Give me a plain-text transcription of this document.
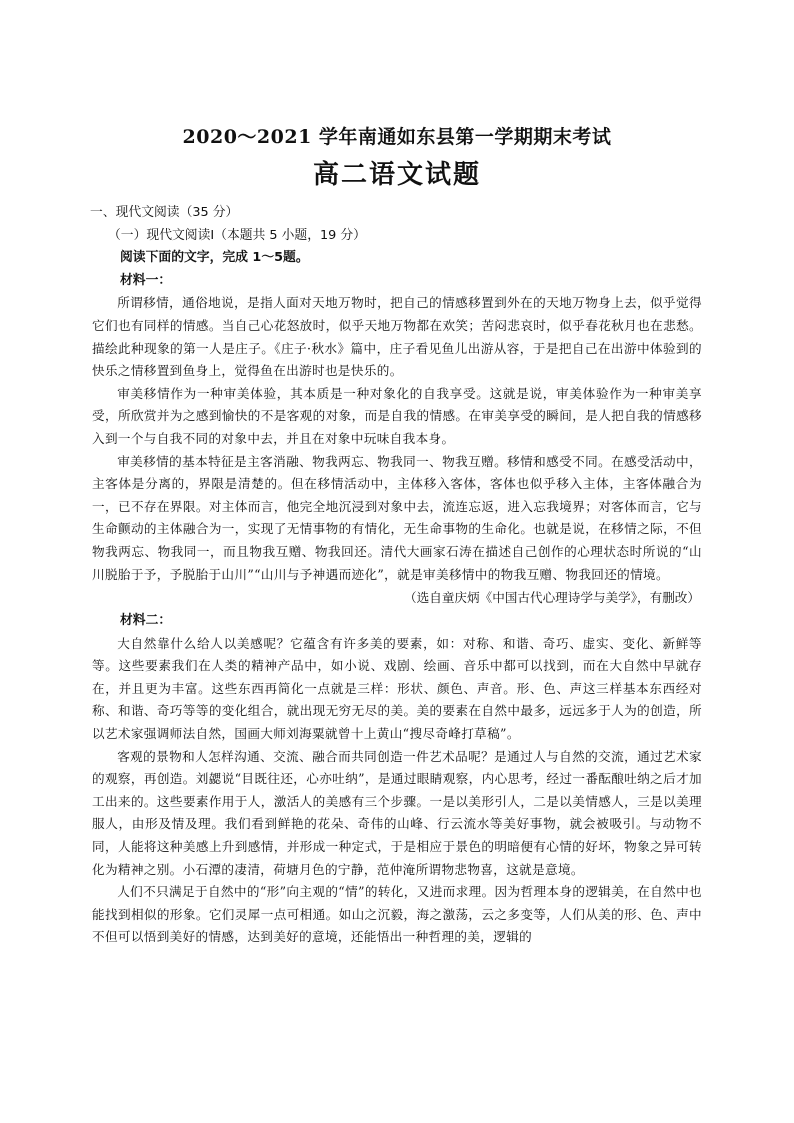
2020～2021 学年南通如东县第一学期期末考试
高二语文试题

一、现代文阅读（35 分）

（一）现代文阅读Ⅰ（本题共 5 小题，19 分）

阅读下面的文字，完成 1～5题。

材料一：

所谓移情，通俗地说，是指人面对天地万物时，把自己的情感移置到外在的天地万物身上去，似乎觉得它们也有同样的情感。当自己心花怒放时，似乎天地万物都在欢笑；苦闷悲哀时，似乎春花秋月也在悲愁。描绘此种现象的第一人是庄子。《庄子·秋水》篇中，庄子看见鱼儿出游从容，于是把自己在出游中体验到的快乐之情移置到鱼身上，觉得鱼在出游时也是快乐的。

审美移情作为一种审美体验，其本质是一种对象化的自我享受。这就是说，审美体验作为一种审美享受，所欣赏并为之感到愉快的不是客观的对象，而是自我的情感。在审美享受的瞬间，是人把自我的情感移入到一个与自我不同的对象中去，并且在对象中玩味自我本身。

审美移情的基本特征是主客消融、物我两忘、物我同一、物我互赠。移情和感受不同。在感受活动中，主客体是分离的，界限是清楚的。但在移情活动中，主体移入客体，客体也似乎移入主体，主客体融合为一，已不存在界限。对主体而言，他完全地沉浸到对象中去，流连忘返，进入忘我境界；对客体而言，它与生命颤动的主体融合为一，实现了无情事物的有情化，无生命事物的生命化。也就是说，在移情之际，不但物我两忘、物我同一，而且物我互赠、物我回还。清代大画家石涛在描述自己创作的心理状态时所说的“山川脱胎于予，予脱胎于山川”“山川与予神遇而迹化”，就是审美移情中的物我互赠、物我回还的情境。

（选自童庆炳《中国古代心理诗学与美学》，有删改）

材料二：

大自然靠什么给人以美感呢？它蕴含有许多美的要素，如：对称、和谐、奇巧、虚实、变化、新鲜等等。这些要素我们在人类的精神产品中，如小说、戏剧、绘画、音乐中都可以找到，而在大自然中早就存在，并且更为丰富。这些东西再简化一点就是三样：形状、颜色、声音。形、色、声这三样基本东西经对称、和谐、奇巧等等的变化组合，就出现无穷无尽的美。美的要素在自然中最多，远远多于人为的创造，所以艺术家强调师法自然，国画大师刘海粟就曾十上黄山“搜尽奇峰打草稿”。

客观的景物和人怎样沟通、交流、融合而共同创造一件艺术品呢？是通过人与自然的交流，通过艺术家的观察，再创造。刘勰说“目既往还，心亦吐纳”，是通过眼睛观察，内心思考，经过一番酝酿吐纳之后才加工出来的。这些要素作用于人，激活人的美感有三个步骤。一是以美形引人，二是以美情感人，三是以美理服人，由形及情及理。我们看到鲜艳的花朵、奇伟的山峰、行云流水等美好事物，就会被吸引。与动物不同，人能将这种美感上升到感情，并形成一种定式，于是相应于景色的明暗便有心情的好坏，物象之异可转化为精神之别。小石潭的凄清，荷塘月色的宁静，范仲淹所谓物悲物喜，这就是意境。

人们不只满足于自然中的“形”向主观的“情”的转化，又进而求理。因为哲理本身的逻辑美，在自然中也能找到相似的形象。它们灵犀一点可相通。如山之沉毅，海之激荡，云之多变等，人们从美的形、色、声中不但可以悟到美好的情感，达到美好的意境，还能悟出一种哲理的美，逻辑的
